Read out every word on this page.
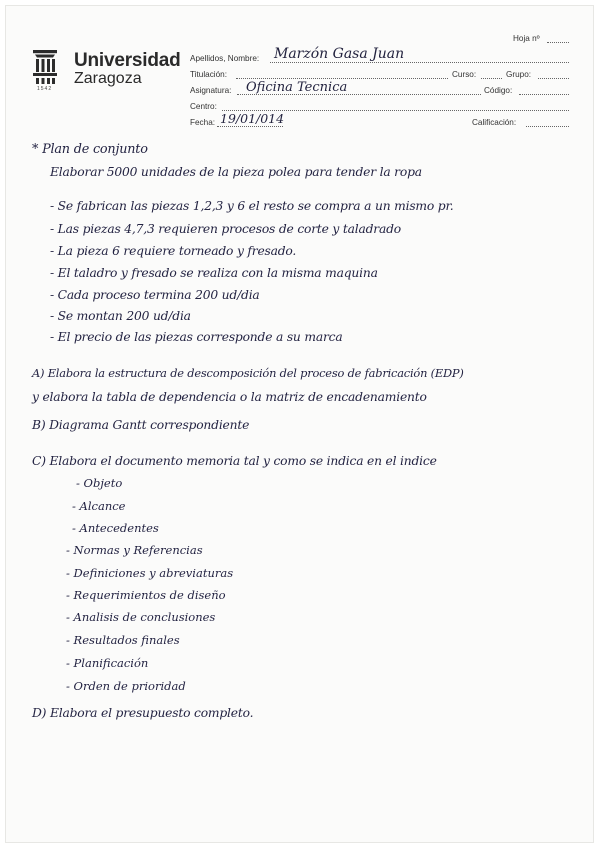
Universidad
Zaragoza
1542
Hoja nº
Apellidos, Nombre: Marzón Gasa Juan
Titulación:	Curso:	Grupo:
Asignatura: Oficina Tecnica	Código:
Centro:
Fecha: 19/01/014	Calificación:
* Plan de conjunto
Elaborar 5000 unidades de la pieza polea para tender la ropa
- Se fabrican las piezas 1,2,3 y 6 el resto se compra a un mismo pr.
- Las piezas 4,7,3 requieren procesos de corte y taladrado
- La pieza 6 requiere torneado y fresado.
- El taladro y fresado se realiza con la misma maquina
- Cada proceso termina 200 ud/dia
- Se montan 200 ud/dia
- El precio de las piezas corresponde a su marca
A) Elabora la estructura de descomposición del proceso de fabricación (EDP)
y elabora la tabla de dependencia o la matriz de encadenamiento
B) Diagrama Gantt correspondiente
C) Elabora el documento memoria tal y como se indica en el indice
- Objeto
- Alcance
- Antecedentes
- Normas y Referencias
- Definiciones y abreviaturas
- Requerimientos de diseño
- Analisis de conclusiones
- Resultados finales
- Planificación
- Orden de prioridad
D) Elabora el presupuesto completo.
